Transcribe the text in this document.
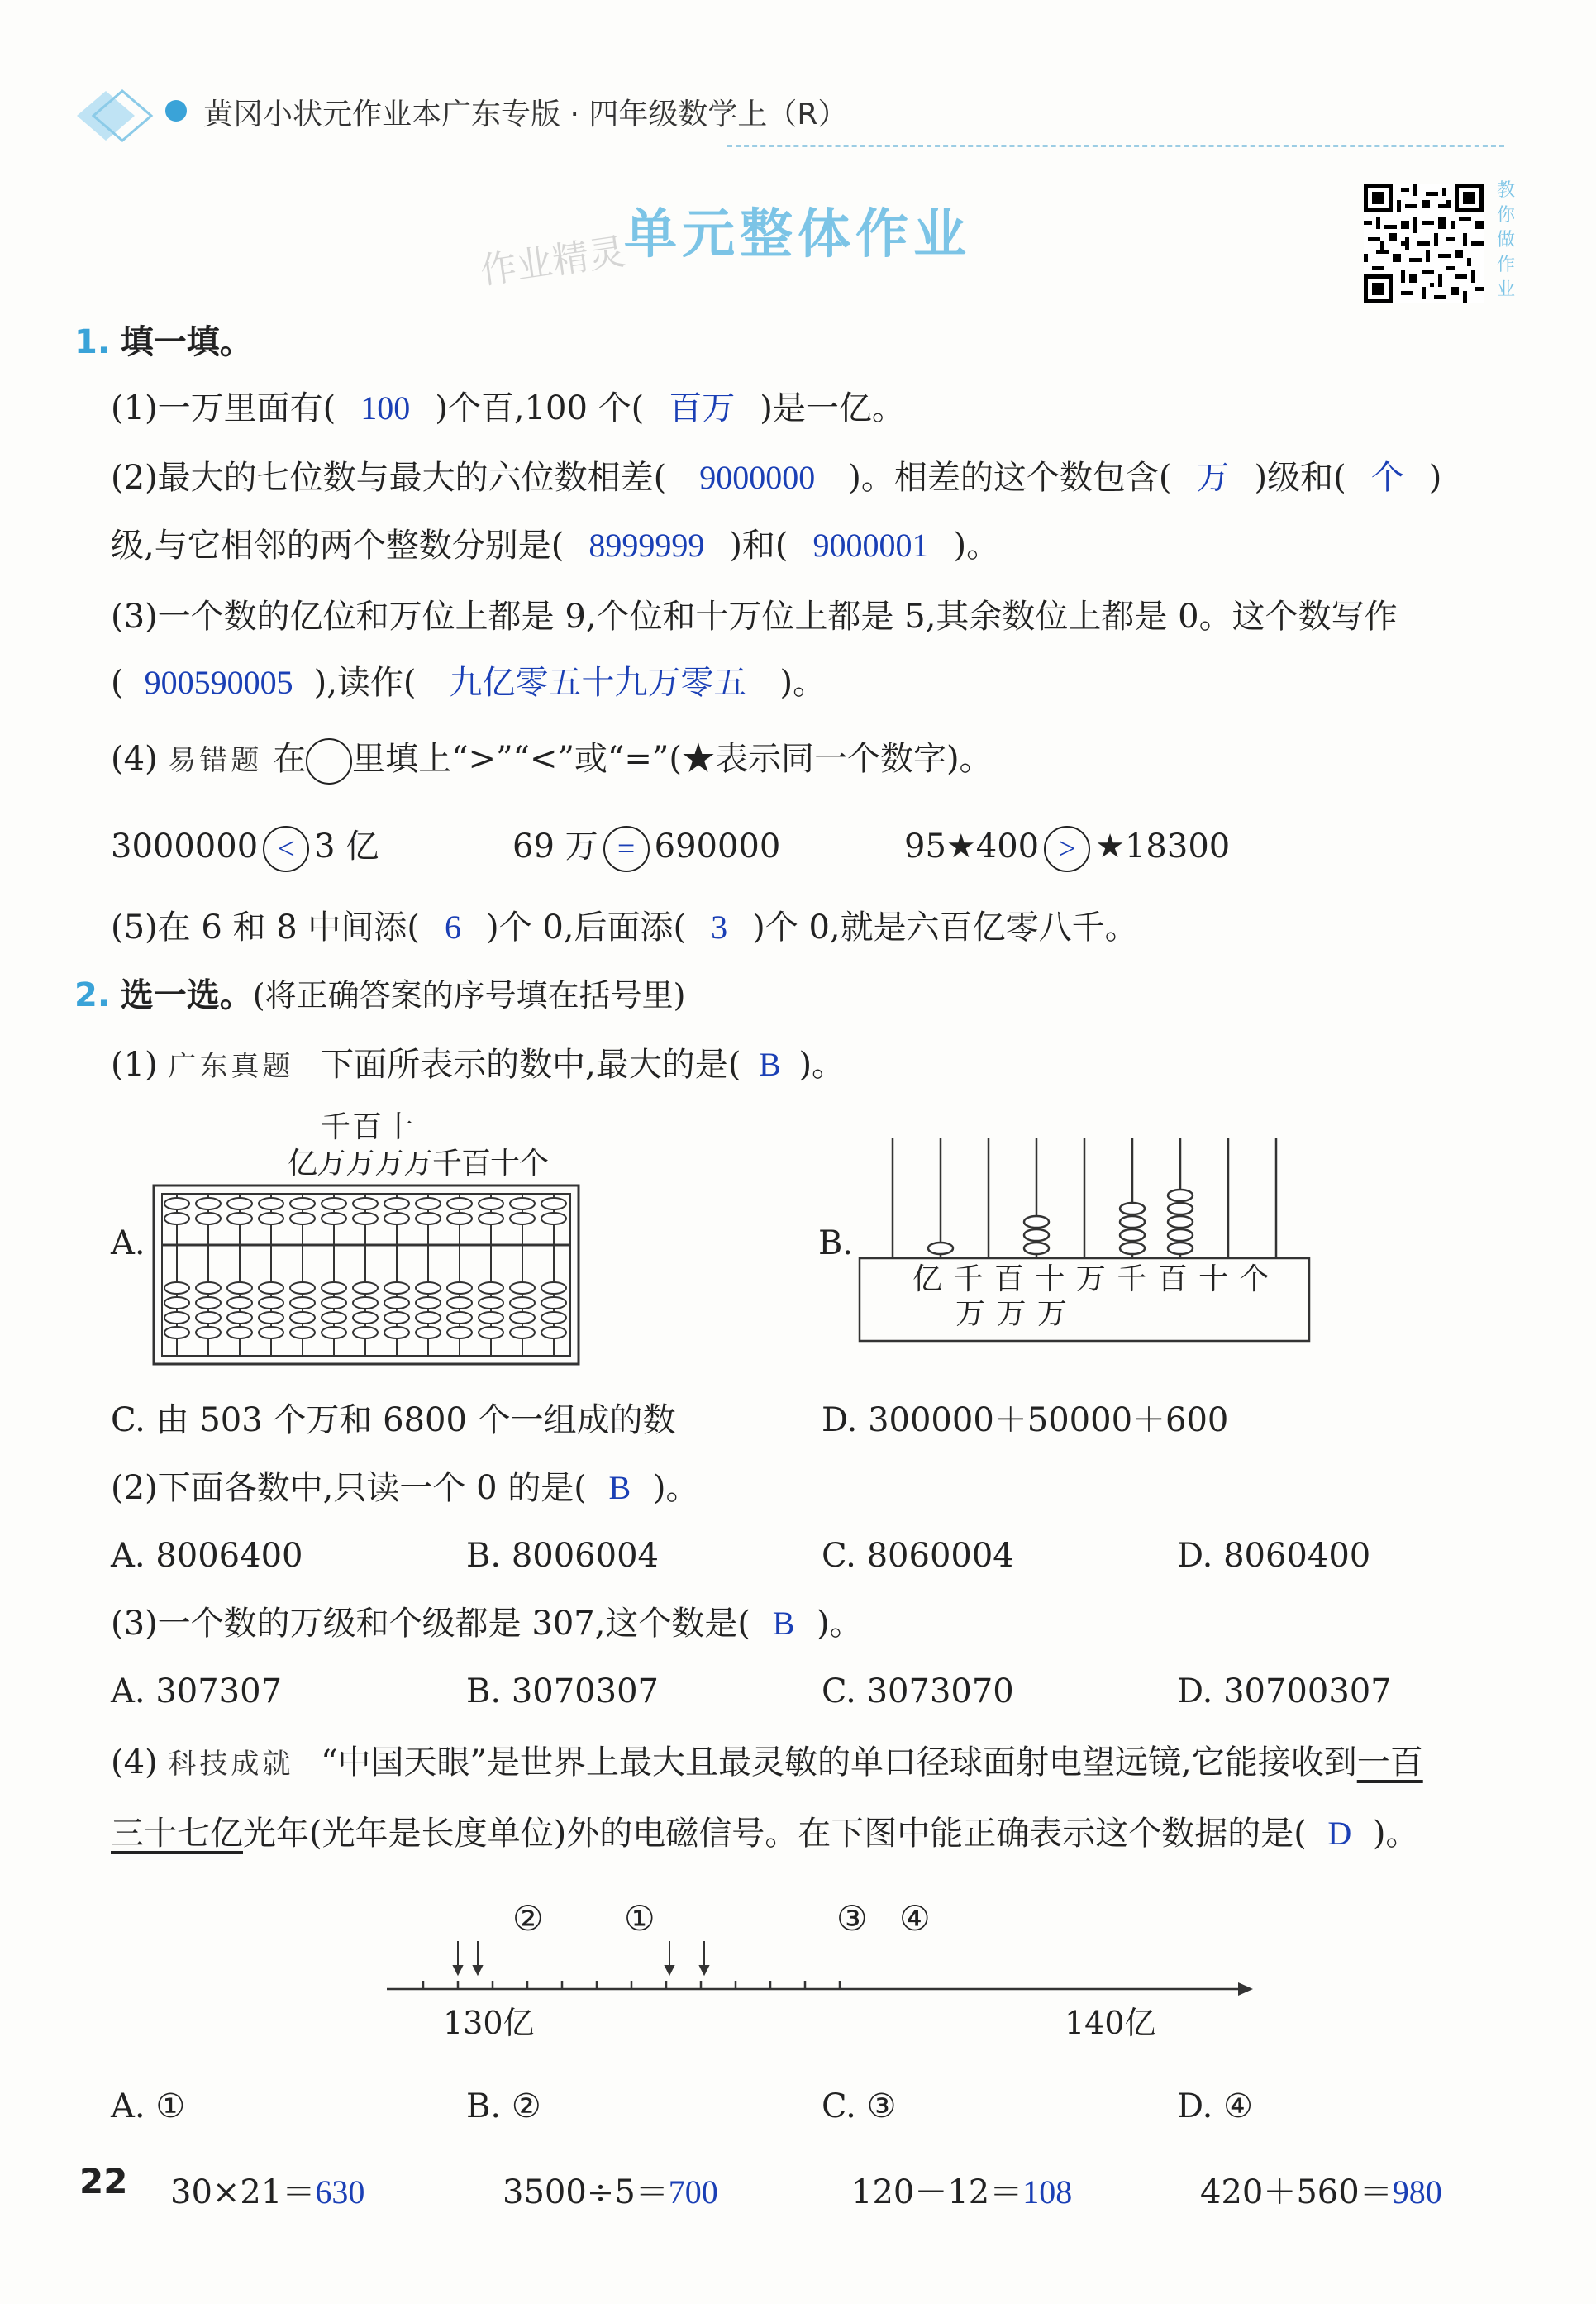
黄冈小状元作业本广东专版 · 四年级数学上（R）
作业精灵
单元整体作业
教
你
做
作
业
1. 填一填。
(1)一万里面有( 100 )个百,100 个( 百万 )是一亿。
(2)最大的七位数与最大的六位数相差( 9000000 )。相差的这个数包含( 万 )级和( 个 )
级,与它相邻的两个整数分别是( 8999999 )和( 9000001 )。
(3)一个数的亿位和万位上都是 9,个位和十万位上都是 5,其余数位上都是 0。这个数写作
( 900590005 ),读作( 九亿零五十九万零五 )。
(4) 易错题 在 里填上“>”“<”或“=”(★表示同一个数字)。
3000000 < 3 亿	69 万 = 690000	95★400 > ★18300
(5)在 6 和 8 中间添( 6 )个 0,后面添( 3 )个 0,就是六百亿零八千。
2. 选一选。(将正确答案的序号填在括号里)
(1) 广东真题 下面所表示的数中,最大的是( B )。
A.
千百十
亿万万万万千百十个
B.
亿 千 百 十 万 千 百 十 个
万 万 万
C. 由 503 个万和 6800 个一组成的数	D. 300000＋50000＋600
(2)下面各数中,只读一个 0 的是( B )。
A. 8006400	B. 8006004	C. 8060004	D. 8060400
(3)一个数的万级和个级都是 307,这个数是( B )。
A. 307307	B. 3070307	C. 3073070	D. 30700307
(4) 科技成就 “中国天眼”是世界上最大且最灵敏的单口径球面射电望远镜,它能接收到一百
三十七亿光年(光年是长度单位)外的电磁信号。在下图中能正确表示这个数据的是( D )。
①
②	③ ④
130亿	140亿
A. ①	B. ②	C. ③	D. ④
22 30×21＝630	3500÷5＝700	120－12＝108	420＋560＝980
